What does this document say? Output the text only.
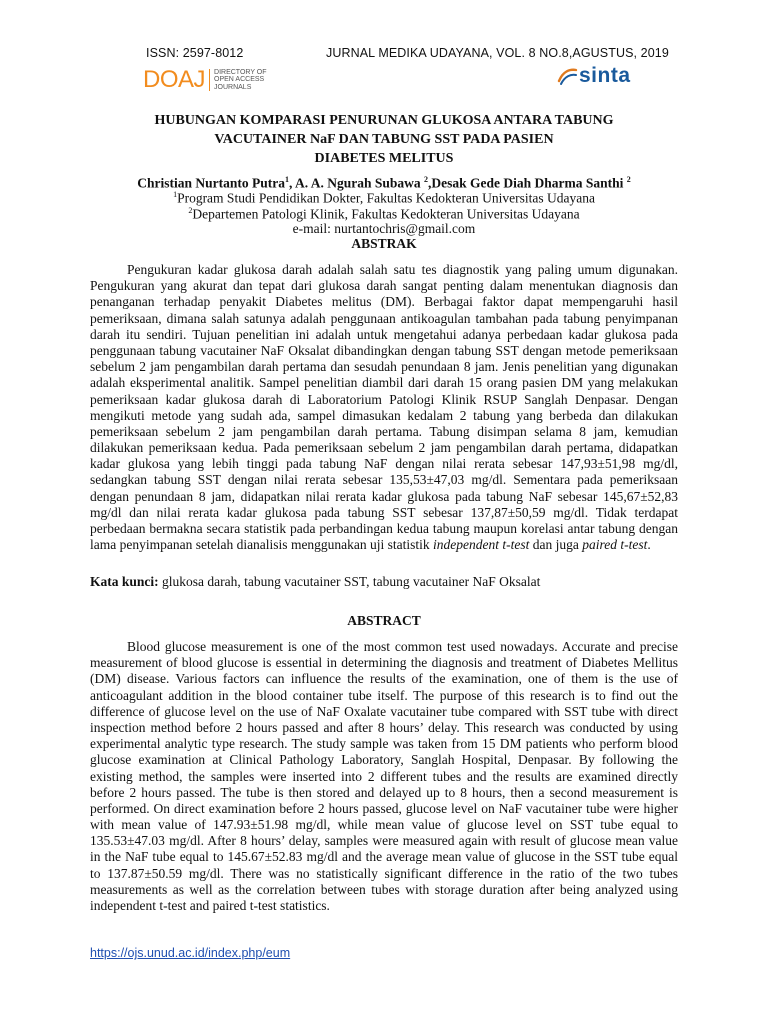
ISSN: 2597-8012	JURNAL MEDIKA UDAYANA, VOL. 8 NO.8,AGUSTUS, 2019
DOAJ DIRECTORY OF
OPEN ACCESS
JOURNALS
sinta
HUBUNGAN KOMPARASI PENURUNAN GLUKOSA ANTARA TABUNG
VACUTAINER NaF DAN TABUNG SST PADA PASIEN
DIABETES MELITUS
Christian Nurtanto Putra$^1$, A. A. Ngurah Subawa $^2$,Desak Gede Diah Dharma Santhi $^2$
$^1$Program Studi Pendidikan Dokter, Fakultas Kedokteran Universitas Udayana
$^2$Departemen Patologi Klinik, Fakultas Kedokteran Universitas Udayana
e-mail: nurtantochris@gmail.com
ABSTRAK
Pengukuran kadar glukosa darah adalah salah satu tes diagnostik yang paling umum digunakan.
Pengukuran yang akurat dan tepat dari glukosa darah sangat penting dalam menentukan diagnosis dan
penanganan terhadap penyakit Diabetes melitus (DM). Berbagai faktor dapat mempengaruhi hasil
pemeriksaan, dimana salah satunya adalah penggunaan antikoagulan tambahan pada tabung penyimpanan
darah itu sendiri. Tujuan penelitian ini adalah untuk mengetahui adanya perbedaan kadar glukosa pada
penggunaan tabung vacutainer NaF Oksalat dibandingkan dengan tabung SST dengan metode pemeriksaan
sebelum 2 jam pengambilan darah pertama dan sesudah penundaan 8 jam. Jenis penelitian yang digunakan
adalah eksperimental analitik. Sampel penelitian diambil dari darah 15 orang pasien DM yang melakukan
pemeriksaan kadar glukosa darah di Laboratorium Patologi Klinik RSUP Sanglah Denpasar. Dengan
mengikuti metode yang sudah ada, sampel dimasukan kedalam 2 tabung yang berbeda dan dilakukan
pemeriksaan sebelum 2 jam pengambilan darah pertama. Tabung disimpan selama 8 jam, kemudian
dilakukan pemeriksaan kedua. Pada pemeriksaan sebelum 2 jam pengambilan darah pertama, didapatkan
kadar glukosa yang lebih tinggi pada tabung NaF dengan nilai rerata sebesar 147,93±51,98 mg/dl,
sedangkan tabung SST dengan nilai rerata sebesar 135,53±47,03 mg/dl. Sementara pada pemeriksaan
dengan penundaan 8 jam, didapatkan nilai rerata kadar glukosa pada tabung NaF sebesar 145,67±52,83
mg/dl dan nilai rerata kadar glukosa pada tabung SST sebesar 137,87±50,59 mg/dl. Tidak terdapat
perbedaan bermakna secara statistik pada perbandingan kedua tabung maupun korelasi antar tabung dengan
lama penyimpanan setelah dianalisis menggunakan uji statistik independent t-test dan juga paired t-test.
Kata kunci: glukosa darah, tabung vacutainer SST, tabung vacutainer NaF Oksalat
ABSTRACT
Blood glucose measurement is one of the most common test used nowadays. Accurate and precise
measurement of blood glucose is essential in determining the diagnosis and treatment of Diabetes Mellitus
(DM) disease. Various factors can influence the results of the examination, one of them is the use of
anticoagulant addition in the blood container tube itself. The purpose of this research is to find out the
difference of glucose level on the use of NaF Oxalate vacutainer tube compared with SST tube with direct
inspection method before 2 hours passed and after 8 hours’ delay. This research was conducted by using
experimental analytic type research. The study sample was taken from 15 DM patients who perform blood
glucose examination at Clinical Pathology Laboratory, Sanglah Hospital, Denpasar. By following the
existing method, the samples were inserted into 2 different tubes and the results are examined directly
before 2 hours passed. The tube is then stored and delayed up to 8 hours, then a second measurement is
performed. On direct examination before 2 hours passed, glucose level on NaF vacutainer tube were higher
with mean value of 147.93±51.98 mg/dl, while mean value of glucose level on SST tube equal to
135.53±47.03 mg/dl. After 8 hours’ delay, samples were measured again with result of glucose mean value
in the NaF tube equal to 145.67±52.83 mg/dl and the average mean value of glucose in the SST tube equal
to 137.87±50.59 mg/dl. There was no statistically significant difference in the ratio of the two tubes
measurements as well as the correlation between tubes with storage duration after being analyzed using
independent t-test and paired t-test statistics.
https://ojs.unud.ac.id/index.php/eum
